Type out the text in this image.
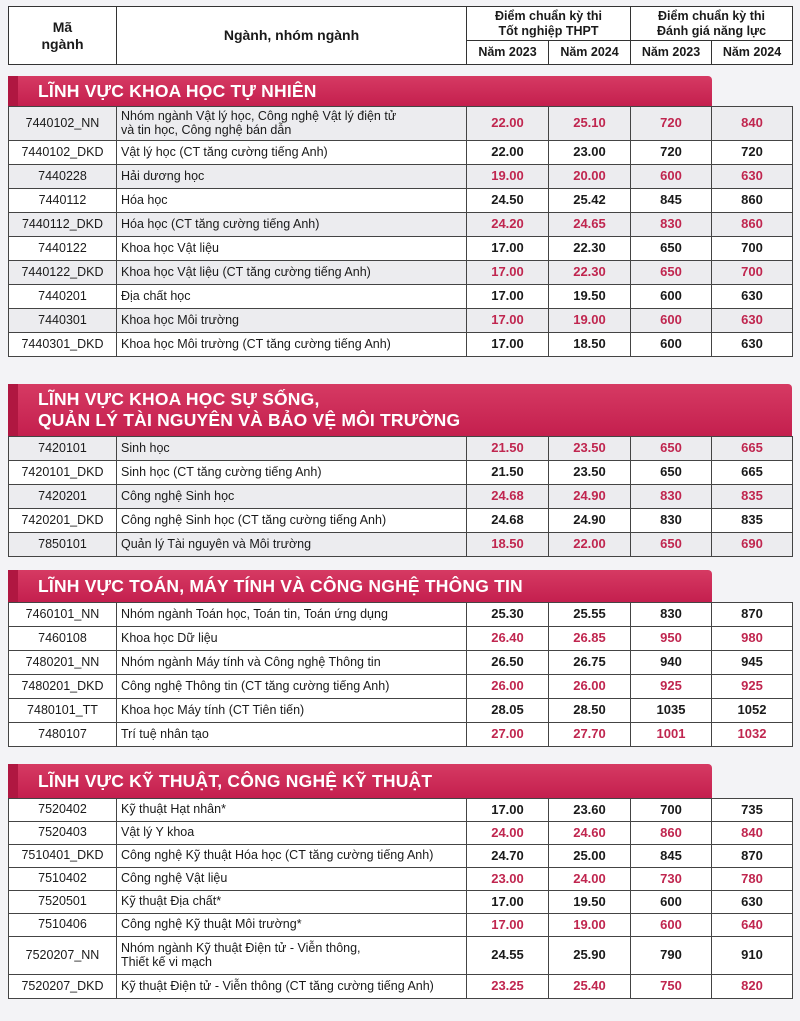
Mã
ngành	Ngành, nhóm ngành	Điểm chuẩn kỳ thi
Tốt nghiệp THPT		Điểm chuẩn kỳ thi
Đánh giá năng lực	
		Năm 2023	Năm 2024	Năm 2023	Năm 2024
LĨNH VỰC KHOA HỌC TỰ NHIÊN
7440102_NN	Nhóm ngành Vật lý học, Công nghệ Vật lý điện tử
và tin học, Công nghệ bán dẫn	22.00	25.10	720	840
7440102_DKD	Vật lý học (CT tăng cường tiếng Anh)	22.00	23.00	720	720
7440228	Hải dương học	19.00	20.00	600	630
7440112	Hóa học	24.50	25.42	845	860
7440112_DKD	Hóa học (CT tăng cường tiếng Anh)	24.20	24.65	830	860
7440122	Khoa học Vật liệu	17.00	22.30	650	700
7440122_DKD	Khoa học Vật liệu (CT tăng cường tiếng Anh)	17.00	22.30	650	700
7440201	Địa chất học	17.00	19.50	600	630
7440301	Khoa học Môi trường	17.00	19.00	600	630
7440301_DKD	Khoa học Môi trường (CT tăng cường tiếng Anh)	17.00	18.50	600	630
LĨNH VỰC KHOA HỌC SỰ SỐNG,
QUẢN LÝ TÀI NGUYÊN VÀ BẢO VỆ MÔI TRƯỜNG
7420101	Sinh học	21.50	23.50	650	665
7420101_DKD	Sinh học (CT tăng cường tiếng Anh)	21.50	23.50	650	665
7420201	Công nghệ Sinh học	24.68	24.90	830	835
7420201_DKD	Công nghệ Sinh học (CT tăng cường tiếng Anh)	24.68	24.90	830	835
7850101	Quản lý Tài nguyên và Môi trường	18.50	22.00	650	690
LĨNH VỰC TOÁN, MÁY TÍNH VÀ CÔNG NGHỆ THÔNG TIN
7460101_NN	Nhóm ngành Toán học, Toán tin, Toán ứng dụng	25.30	25.55	830	870
7460108	Khoa học Dữ liệu	26.40	26.85	950	980
7480201_NN	Nhóm ngành Máy tính và Công nghệ Thông tin	26.50	26.75	940	945
7480201_DKD	Công nghệ Thông tin (CT tăng cường tiếng Anh)	26.00	26.00	925	925
7480101_TT	Khoa học Máy tính (CT Tiên tiến)	28.05	28.50	1035	1052
7480107	Trí tuệ nhân tạo	27.00	27.70	1001	1032
LĨNH VỰC KỸ THUẬT, CÔNG NGHỆ KỸ THUẬT
7520402	Kỹ thuật Hạt nhân*	17.00	23.60	700	735
7520403	Vật lý Y khoa	24.00	24.60	860	840
7510401_DKD	Công nghệ Kỹ thuật Hóa học (CT tăng cường tiếng Anh)	24.70	25.00	845	870
7510402	Công nghệ Vật liệu	23.00	24.00	730	780
7520501	Kỹ thuật Địa chất*	17.00	19.50	600	630
7510406	Công nghệ Kỹ thuật Môi trường*	17.00	19.00	600	640
7520207_NN	Nhóm ngành Kỹ thuật Điện tử - Viễn thông,
Thiết kế vi mạch	24.55	25.90	790	910
7520207_DKD	Kỹ thuật Điện tử - Viễn thông (CT tăng cường tiếng Anh)	23.25	25.40	750	820
